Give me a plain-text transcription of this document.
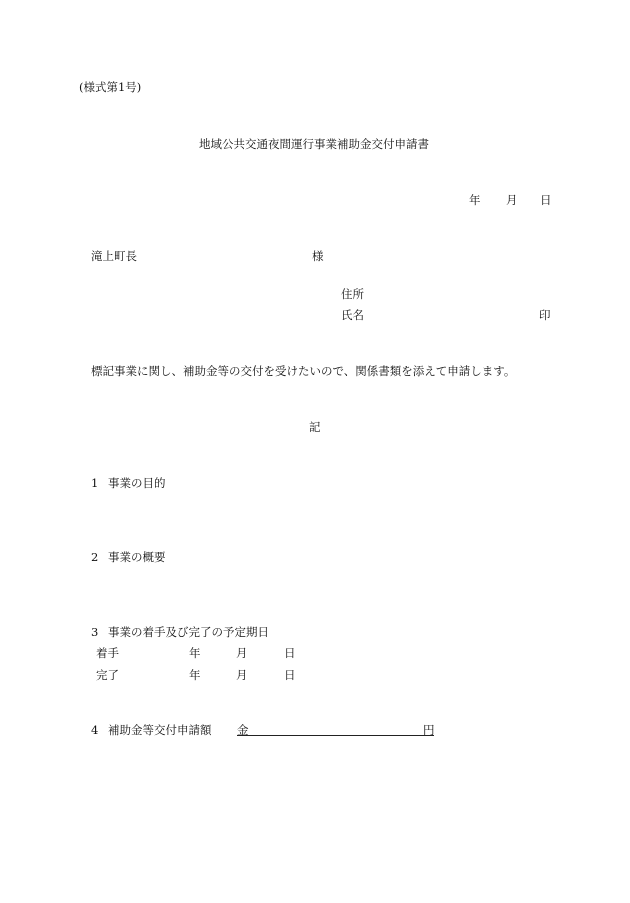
(様式第1号)
地域公共交通夜間運行事業補助金交付申請書
年 月 日
滝上町長	様
住所
氏名	印
標記事業に関し、補助金等の交付を受けたいので、関係書類を添えて申請します。
記
1 事業の目的
2 事業の概要
3 事業の着手及び完了の予定期日
着手	年	月	日
完了	年	月	日
4 補助金等交付申請額 金	円
